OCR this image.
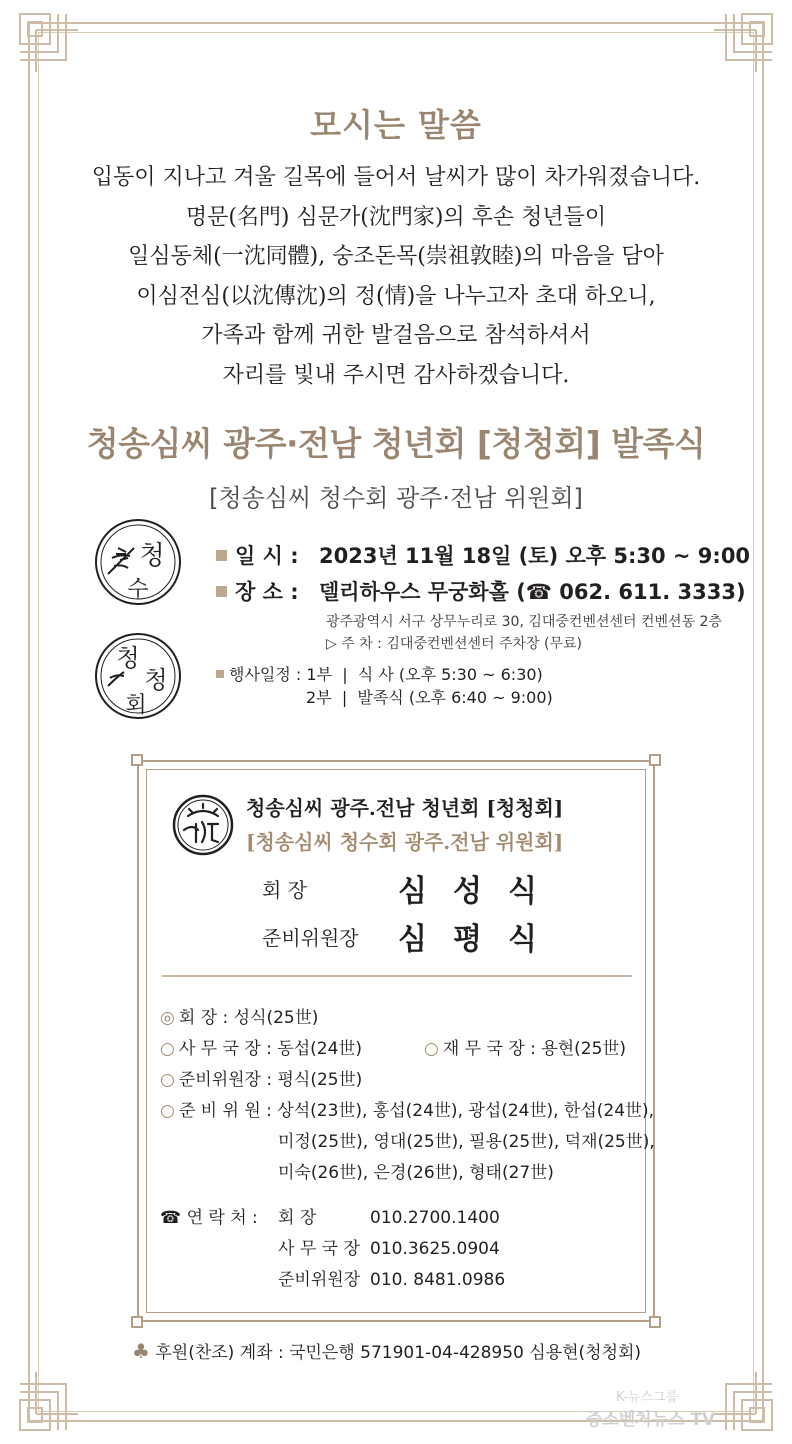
모시는 말씀
입동이 지나고 겨울 길목에 들어서 날씨가 많이 차가워졌습니다.
명문(名門) 심문가(沈門家)의 후손 청년들이
일심동체(一沈同體), 숭조돈목(崇祖敦睦)의 마음을 담아
이심전심(以沈傳沈)의 정(情)을 나누고자 초대 하오니,
가족과 함께 귀한 발걸음으로 참석하셔서
자리를 빛내 주시면 감사하겠습니다.
청송심씨 광주·전남 청년회 [청청회] 발족식
[청송심씨 청수회 광주·전남 위원회]
청
수
청
청
회
일 시 : 2023년 11월 18일 (토) 오후 5:30 ~ 9:00
장 소 : 델리하우스 무궁화홀 (☎ 062. 611. 3333)
광주광역시 서구 상무누리로 30, 김대중컨벤션센터 컨벤션동 2층
▷ 주 차 : 김대중컨벤션센터 주차장 (무료)
행사일정 : 1부 | 식 사 (오후 5:30 ~ 6:30)
2부 | 발족식 (오후 6:40 ~ 9:00)
청송심씨 광주.전남 청년회 [청청회]
[청송심씨 청수회 광주.전남 위원회]
회 장	심성식
준비위원장 심평식
◎ 회 장 : 성식(25世)
○ 사 무 국 장 : 동섭(24世)	○ 재 무 국 장 : 용현(25世)
○ 준비위원장 : 평식(25世)
○ 준 비 위 원 : 상석(23世), 홍섭(24世), 광섭(24世), 한섭(24世),
미정(25世), 영대(25世), 필용(25世), 덕재(25世),
미숙(26世), 은경(26世), 형태(27世)
☎ 연 락 처 : 회 장	010.2700.1400
사 무 국 장 010.3625.0904
준비위원장 010. 8481.0986
♣ 후원(찬조) 계좌 : 국민은행 571901-04-428950 심용현(청청회)
K-뉴스그룹
중소벤처뉴스 TV
